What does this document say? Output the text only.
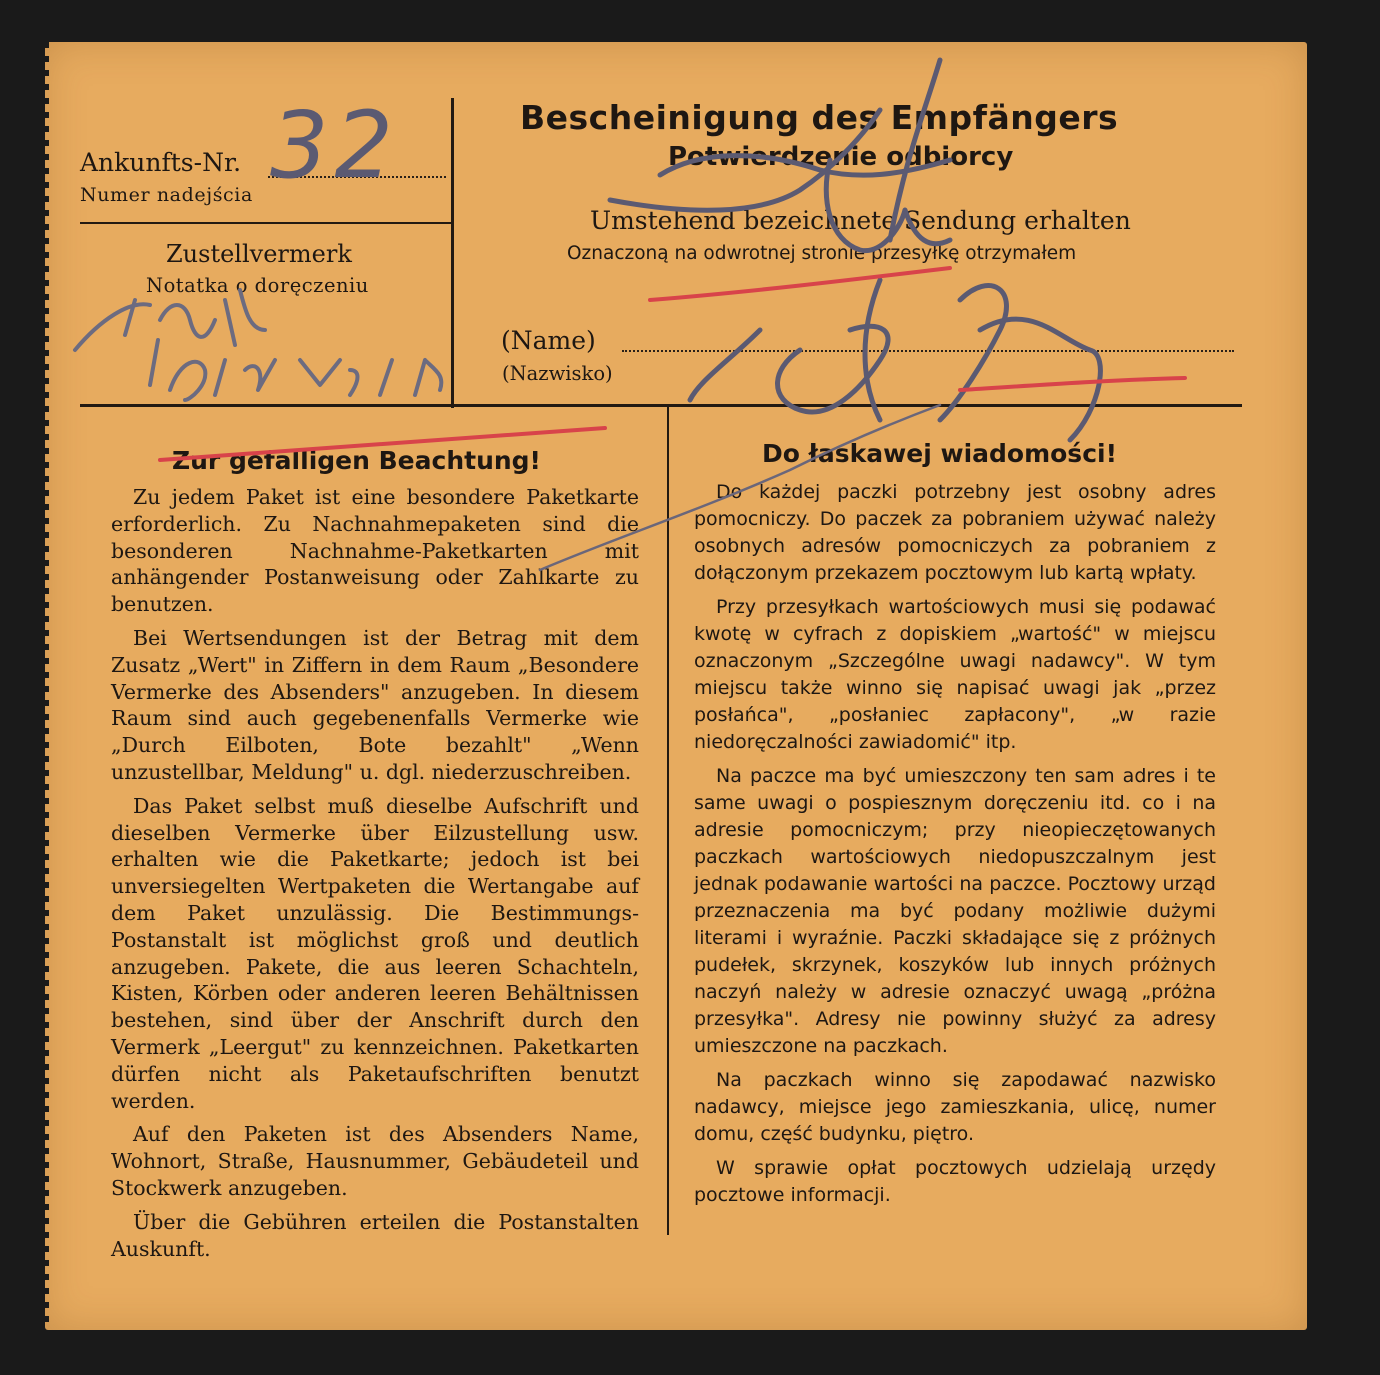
Ankunfts-Nr.
Numer nadejścia 32
Zustellvermerk
Notatka o doręczeniu
Bescheinigung des Empfängers
Potwierdzenie odbiorcy
Umstehend bezeichnete Sendung erhalten
Oznaczoną na odwrotnej stronie przesyłkę otrzymałem
(Name)
(Nazwisko)
Zur gefälligen Beachtung!

Zu jedem Paket ist eine besondere Paketkarte erforderlich. Zu Nachnahmepaketen sind die besonderen Nachnahme-Paketkarten mit anhängender Postanweisung oder Zahlkarte zu benutzen.

Bei Wertsendungen ist der Betrag mit dem Zusatz „Wert" in Ziffern in dem Raum „Besondere Vermerke des Absenders" anzugeben. In diesem Raum sind auch gegebenenfalls Vermerke wie „Durch Eilboten, Bote bezahlt" „Wenn unzustellbar, Meldung" u. dgl. niederzuschreiben.

Das Paket selbst muß dieselbe Aufschrift und dieselben Vermerke über Eilzustellung usw. erhalten wie die Paketkarte; jedoch ist bei unversiegelten Wertpaketen die Wertangabe auf dem Paket unzulässig. Die Bestimmungs-Postanstalt ist möglichst groß und deutlich anzugeben. Pakete, die aus leeren Schachteln, Kisten, Körben oder anderen leeren Behältnissen bestehen, sind über der Anschrift durch den Vermerk „Leergut" zu kennzeichnen. Paketkarten dürfen nicht als Paketaufschriften benutzt werden.

Auf den Paketen ist des Absenders Name, Wohnort, Straße, Hausnummer, Gebäudeteil und Stockwerk anzugeben.

Über die Gebühren erteilen die Postanstalten Auskunft.

Do łaskawej wiadomości!

Do każdej paczki potrzebny jest osobny adres pomocniczy. Do paczek za pobraniem używać należy osobnych adresów pomocniczych za pobraniem z dołączonym przekazem pocztowym lub kartą wpłaty.

Przy przesyłkach wartościowych musi się podawać kwotę w cyfrach z dopiskiem „wartość" w miejscu oznaczonym „Szczególne uwagi nadawcy". W tym miejscu także winno się napisać uwagi jak „przez posłańca", „posłaniec zapłacony", „w razie niedoręczalności zawiadomić" itp.

Na paczce ma być umieszczony ten sam adres i te same uwagi o pospiesznym doręczeniu itd. co i na adresie pomocniczym; przy nieopieczętowanych paczkach wartościowych niedopuszczalnym jest jednak podawanie wartości na paczce. Pocztowy urząd przeznaczenia ma być podany możliwie dużymi literami i wyraźnie. Paczki składające się z próżnych pudełek, skrzynek, koszyków lub innych próżnych naczyń należy w adresie oznaczyć uwagą „próżna przesyłka". Adresy nie powinny służyć za adresy umieszczone na paczkach.

Na paczkach winno się zapodawać nazwisko nadawcy, miejsce jego zamieszkania, ulicę, numer domu, część budynku, piętro.

W sprawie opłat pocztowych udzielają urzędy pocztowe informacji.
